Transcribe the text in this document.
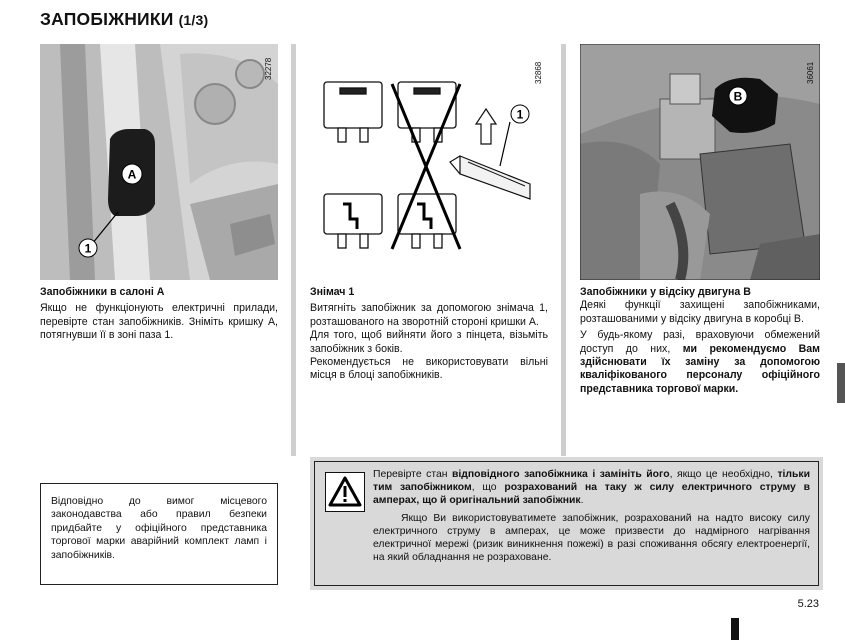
ЗАПОБІЖНИКИ (1/3)
A
1
32278
1
32868
B
36061

Запобіжники в салоні A

Якщо не функціонують електричні прилади, перевірте стан запобіжників. Зніміть кришку A, потягнувши її в зоні паза 1.

Знімач 1

Витягніть запобіжник за допомогою знімача 1, розташованого на зворотній стороні кришки A.

Для того, щоб вийняти його з пінцета, візьміть запобіжник з боків.

Рекомендується не використовувати вільні місця в блоці запобіжників.

Запобіжники у відсіку двигуна B

Деякі функції захищені запобіжниками, розташованими у відсіку двигуна в коробці B.

У будь-якому разі, враховуючи обмежений доступ до них, ми рекомендуємо Вам здійснювати їх заміну за допомогою кваліфікованого персоналу офіційного представника торгової марки.

Відповідно до вимог місцевого законодавства або правил безпеки придбайте у офіційного представника торгової марки аварійний комплект ламп і запобіжників.

Перевірте стан відповідного запобіжника і замініть його, якщо це необхідно, тільки тим запобіжником, що розрахований на таку ж силу електричного струму в амперах, що й оригінальний запобіжник.

Якщо Ви використовуватимете запобіжник, розрахований на надто високу силу електричного струму в амперах, це може призвести до надмірного нагрівання електричної мережі (ризик виникнення пожежі) в разі споживання обсягу електроенергії, на який обладнання не розраховане.

5.23
